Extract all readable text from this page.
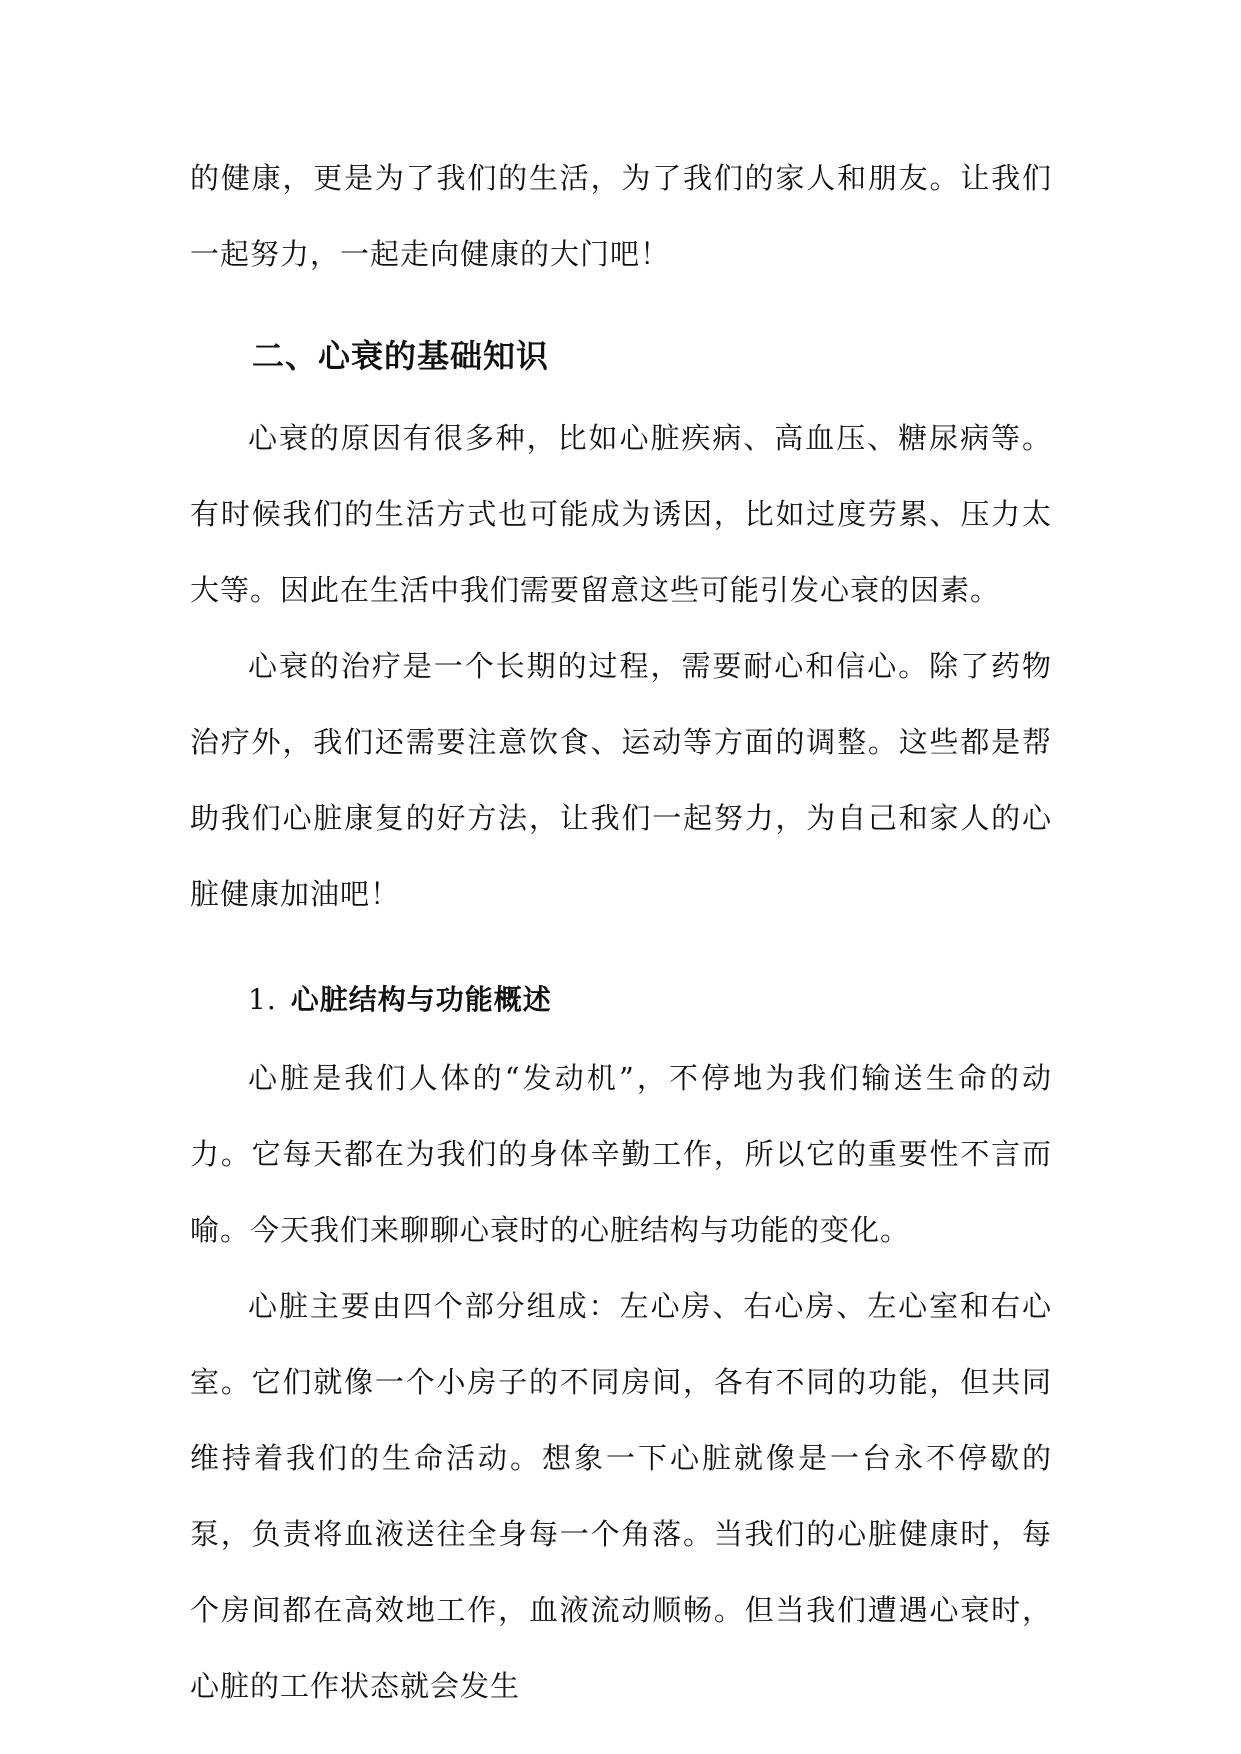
的健康，更是为了我们的生活，为了我们的家人和朋友。让我们一起努力，一起走向健康的大门吧！

二、心衰的基础知识

心衰的原因有很多种，比如心脏疾病、高血压、糖尿病等。有时候我们的生活方式也可能成为诱因，比如过度劳累、压力太大等。因此在生活中我们需要留意这些可能引发心衰的因素。

心衰的治疗是一个长期的过程，需要耐心和信心。除了药物治疗外，我们还需要注意饮食、运动等方面的调整。这些都是帮助我们心脏康复的好方法，让我们一起努力，为自己和家人的心脏健康加油吧！

1. 心脏结构与功能概述

心脏是我们人体的“发动机”，不停地为我们输送生命的动力。它每天都在为我们的身体辛勤工作，所以它的重要性不言而喻。今天我们来聊聊心衰时的心脏结构与功能的变化。

心脏主要由四个部分组成：左心房、右心房、左心室和右心室。它们就像一个小房子的不同房间，各有不同的功能，但共同维持着我们的生命活动。想象一下心脏就像是一台永不停歇的泵，负责将血液送往全身每一个角落。当我们的心脏健康时，每个房间都在高效地工作，血液流动顺畅。但当我们遭遇心衰时，心脏的工作状态就会发生
